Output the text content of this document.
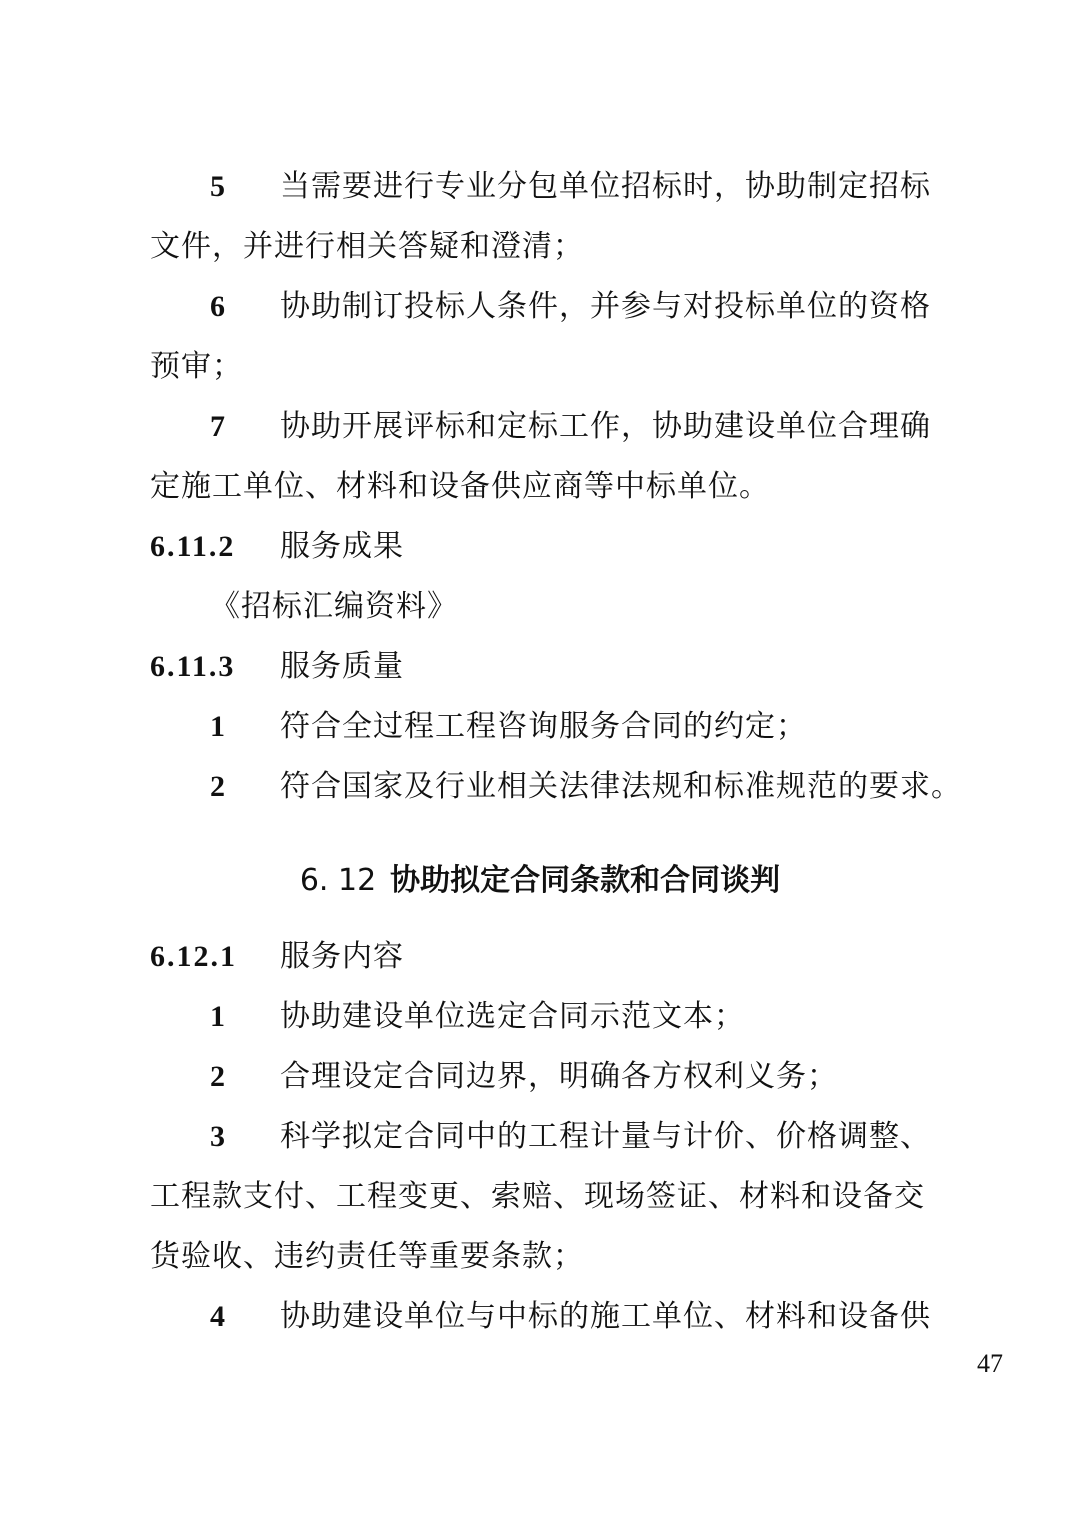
5 当需要进行专业分包单位招标时，协助制定招标
文件，并进行相关答疑和澄清；
6 协助制订投标人条件，并参与对投标单位的资格
预审；
7 协助开展评标和定标工作，协助建设单位合理确
定施工单位、材料和设备供应商等中标单位。
6.11.2 服务成果
《招标汇编资料》
6.11.3 服务质量
1 符合全过程工程咨询服务合同的约定；
2 符合国家及行业相关法律法规和标准规范的要求。
6. 12 协助拟定合同条款和合同谈判
6.12.1 服务内容
1 协助建设单位选定合同示范文本；
2 合理设定合同边界，明确各方权利义务；
3 科学拟定合同中的工程计量与计价、价格调整、
工程款支付、工程变更、索赔、现场签证、材料和设备交
货验收、违约责任等重要条款；
4 协助建设单位与中标的施工单位、材料和设备供
47
